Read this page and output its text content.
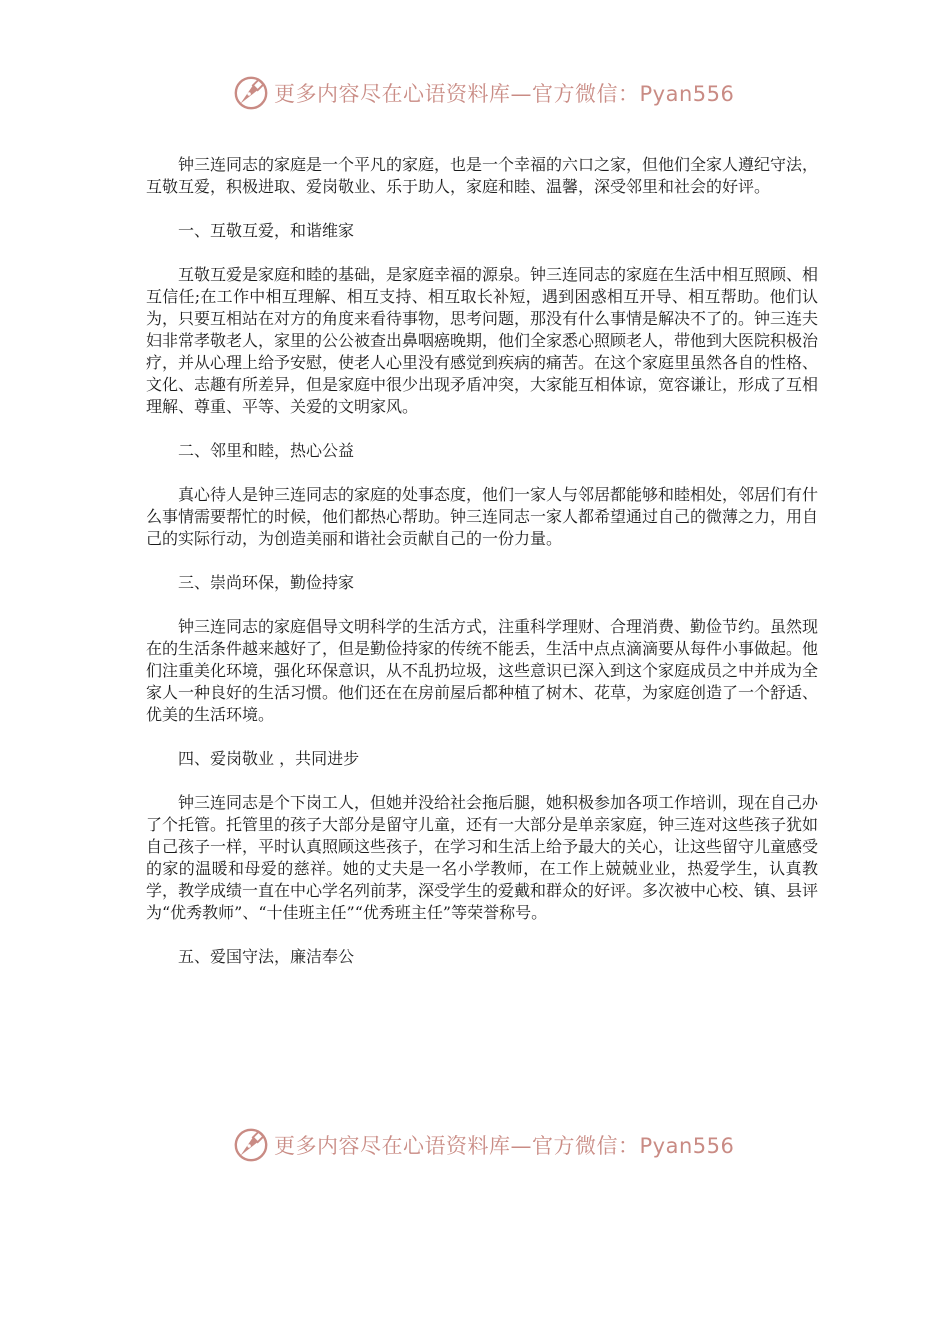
更多内容尽在心语资料库—官方微信：Pyan556

钟三连同志的家庭是一个平凡的家庭，也是一个幸福的六口之家，但他们全家人遵纪守法，互敬互爱，积极进取、爱岗敬业、乐于助人，家庭和睦、温馨，深受邻里和社会的好评。

一、互敬互爱，和谐维家

互敬互爱是家庭和睦的基础，是家庭幸福的源泉。钟三连同志的家庭在生活中相互照顾、相互信任;在工作中相互理解、相互支持、相互取长补短，遇到困惑相互开导、相互帮助。他们认为，只要互相站在对方的角度来看待事物，思考问题，那没有什么事情是解决不了的。钟三连夫妇非常孝敬老人，家里的公公被查出鼻咽癌晚期，他们全家悉心照顾老人，带他到大医院积极治疗，并从心理上给予安慰，使老人心里没有感觉到疾病的痛苦。在这个家庭里虽然各自的性格、文化、志趣有所差异，但是家庭中很少出现矛盾冲突，大家能互相体谅，宽容谦让，形成了互相理解、尊重、平等、关爱的文明家风。

二、邻里和睦，热心公益

真心待人是钟三连同志的家庭的处事态度，他们一家人与邻居都能够和睦相处，邻居们有什么事情需要帮忙的时候，他们都热心帮助。钟三连同志一家人都希望通过自己的微薄之力，用自己的实际行动，为创造美丽和谐社会贡献自己的一份力量。

三、崇尚环保，勤俭持家

钟三连同志的家庭倡导文明科学的生活方式，注重科学理财、合理消费、勤俭节约。虽然现在的生活条件越来越好了，但是勤俭持家的传统不能丢，生活中点点滴滴要从每件小事做起。他们注重美化环境，强化环保意识，从不乱扔垃圾，这些意识已深入到这个家庭成员之中并成为全家人一种良好的生活习惯。他们还在在房前屋后都种植了树木、花草，为家庭创造了一个舒适、优美的生活环境。

四、爱岗敬业 ，共同进步

钟三连同志是个下岗工人，但她并没给社会拖后腿，她积极参加各项工作培训，现在自己办了个托管。托管里的孩子大部分是留守儿童，还有一大部分是单亲家庭，钟三连对这些孩子犹如自己孩子一样，平时认真照顾这些孩子，在学习和生活上给予最大的关心，让这些留守儿童感受的家的温暖和母爱的慈祥。她的丈夫是一名小学教师，在工作上兢兢业业，热爱学生，认真教学，教学成绩一直在中心学名列前茅，深受学生的爱戴和群众的好评。多次被中心校、镇、县评为“优秀教师”、“十佳班主任”“优秀班主任”等荣誉称号。

五、爱国守法，廉洁奉公

更多内容尽在心语资料库—官方微信：Pyan556
